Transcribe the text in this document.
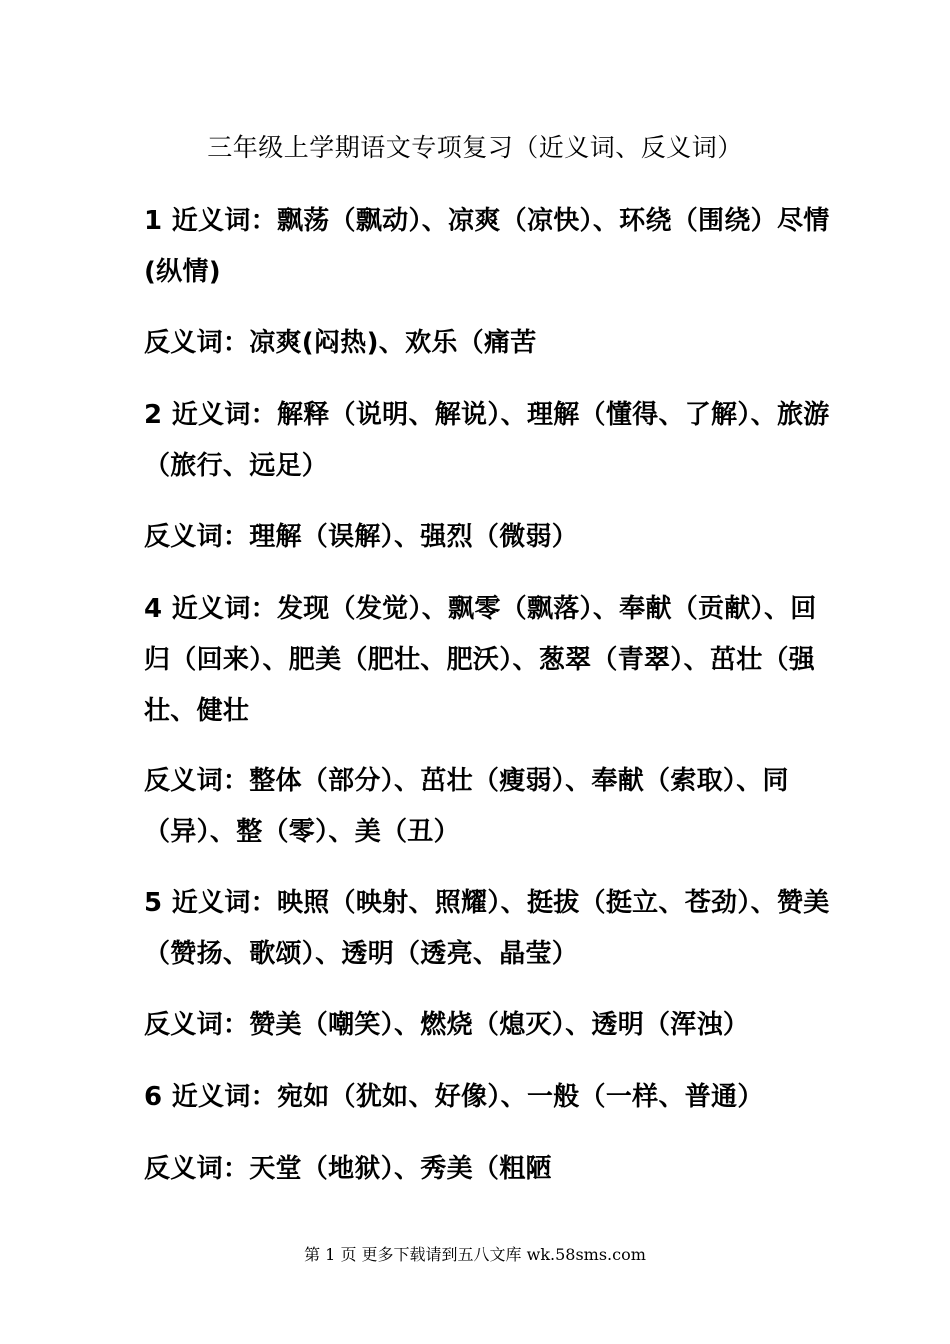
三年级上学期语文专项复习（近义词、反义词）

1 近义词：飘荡（飘动）、凉爽（凉快）、环绕（围绕）尽情(纵情)

反义词：凉爽(闷热)、欢乐（痛苦

2 近义词：解释（说明、解说）、理解（懂得、了解）、旅游（旅行、远足）

反义词：理解（误解）、强烈（微弱）

4 近义词：发现（发觉）、飘零（飘落）、奉献（贡献）、回归（回来）、肥美（肥壮、肥沃）、葱翠（青翠）、茁壮（强壮、健壮

反义词：整体（部分）、茁壮（瘦弱）、奉献（索取）、同（异）、整（零）、美（丑）

5 近义词：映照（映射、照耀）、挺拔（挺立、苍劲）、赞美（赞扬、歌颂）、透明（透亮、晶莹）

反义词：赞美（嘲笑）、燃烧（熄灭）、透明（浑浊）

6 近义词：宛如（犹如、好像）、一般（一样、普通）

反义词：天堂（地狱）、秀美（粗陋

第 1 页 更多下载请到五八文库 wk.58sms.com
